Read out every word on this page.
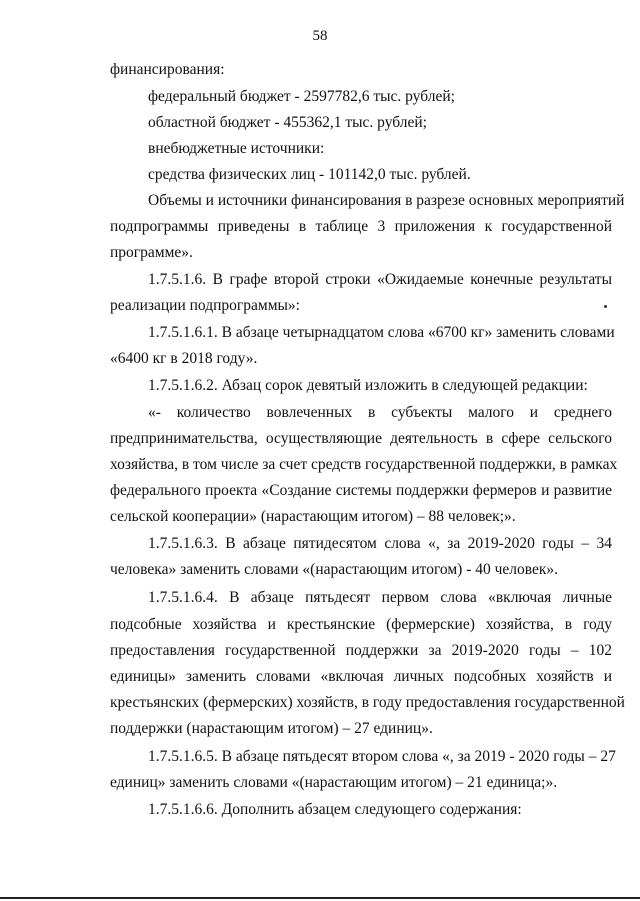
58

финансирования:

федеральный бюджет - 2597782,6 тыс. рублей;

областной бюджет - 455362,1 тыс. рублей;

внебюджетные источники:

средства физических лиц - 101142,0 тыс. рублей.

Объемы и источники финансирования в разрезе основных мероприятий

подпрограммы приведены в таблице 3 приложения к государственной

программе».

1.7.5.1.6. В графе второй строки «Ожидаемые конечные результаты

реализации подпрограммы»:

1.7.5.1.6.1. В абзаце четырнадцатом слова «6700 кг» заменить словами

«6400 кг в 2018 году».

1.7.5.1.6.2. Абзац сорок девятый изложить в следующей редакции:

«- количество вовлеченных в субъекты малого и среднего

предпринимательства, осуществляющие деятельность в сфере сельского

хозяйства, в том числе за счет средств государственной поддержки, в рамках

федерального проекта «Создание системы поддержки фермеров и развитие

сельской кооперации» (нарастающим итогом) – 88 человек;».

1.7.5.1.6.3. В абзаце пятидесятом слова «, за 2019-2020 годы – 34

человека» заменить словами «(нарастающим итогом) - 40 человек».

1.7.5.1.6.4. В абзаце пятьдесят первом слова «включая личные

подсобные хозяйства и крестьянские (фермерские) хозяйства, в году

предоставления государственной поддержки за 2019-2020 годы – 102

единицы» заменить словами «включая личных подсобных хозяйств и

крестьянских (фермерских) хозяйств, в году предоставления государственной

поддержки (нарастающим итогом) – 27 единиц».

1.7.5.1.6.5. В абзаце пятьдесят втором слова «, за 2019 - 2020 годы – 27

единиц» заменить словами «(нарастающим итогом) – 21 единица;».

1.7.5.1.6.6. Дополнить абзацем следующего содержания:
